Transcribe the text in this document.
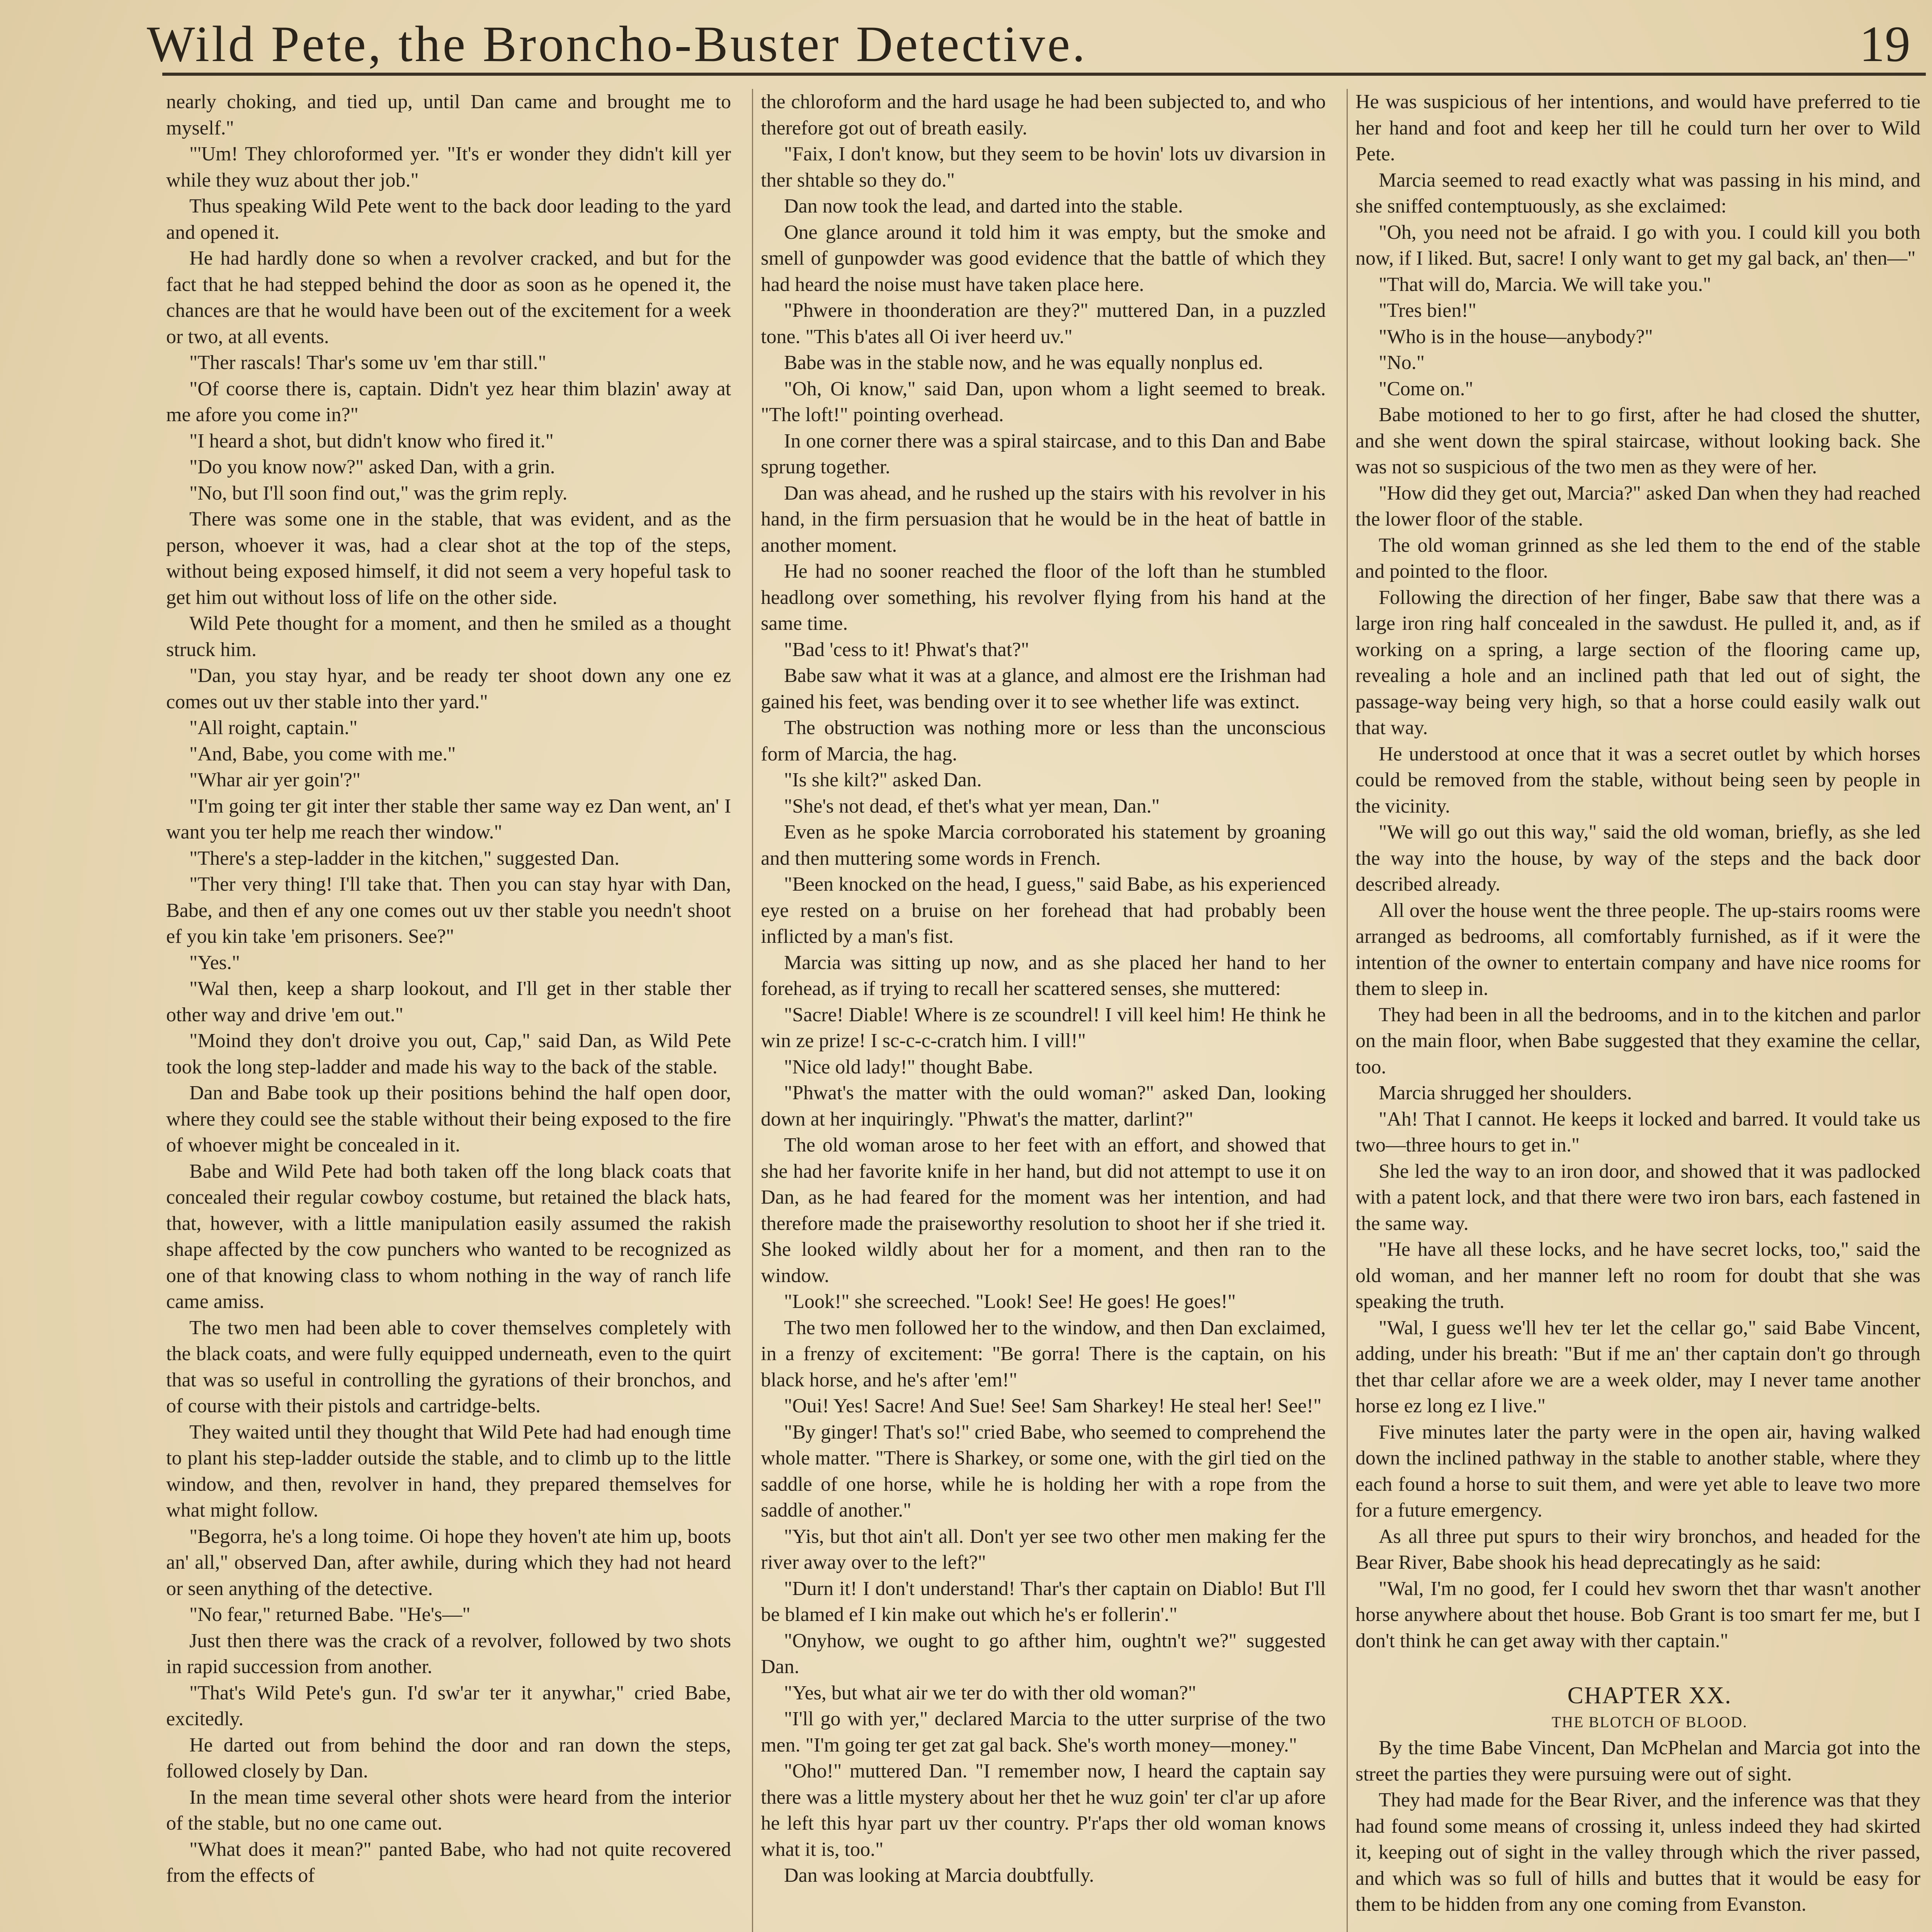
Wild Pete, the Broncho-Buster Detective.	19

nearly choking, and tied up, until Dan came and brought me to myself."

"'Um! They chloroformed yer. "It's er wonder they didn't kill yer while they wuz about ther job."

Thus speaking Wild Pete went to the back door leading to the yard and opened it.

He had hardly done so when a revolver cracked, and but for the fact that he had stepped behind the door as soon as he opened it, the chances are that he would have been out of the excitement for a week or two, at all events.

"Ther rascals! Thar's some uv 'em thar still."

"Of coorse there is, captain. Didn't yez hear thim blazin' away at me afore you come in?"

"I heard a shot, but didn't know who fired it."

"Do you know now?" asked Dan, with a grin.

"No, but I'll soon find out," was the grim reply.

There was some one in the stable, that was evident, and as the person, whoever it was, had a clear shot at the top of the steps, without being exposed himself, it did not seem a very hopeful task to get him out without loss of life on the other side.

Wild Pete thought for a moment, and then he smiled as a thought struck him.

"Dan, you stay hyar, and be ready ter shoot down any one ez comes out uv ther stable into ther yard."

"All roight, captain."

"And, Babe, you come with me."

"Whar air yer goin'?"

"I'm going ter git inter ther stable ther same way ez Dan went, an' I want you ter help me reach ther window."

"There's a step-ladder in the kitchen," suggested Dan.

"Ther very thing! I'll take that. Then you can stay hyar with Dan, Babe, and then ef any one comes out uv ther stable you needn't shoot ef you kin take 'em prisoners. See?"

"Yes."

"Wal then, keep a sharp lookout, and I'll get in ther stable ther other way and drive 'em out."

"Moind they don't droive you out, Cap," said Dan, as Wild Pete took the long step-ladder and made his way to the back of the stable.

Dan and Babe took up their positions behind the half open door, where they could see the stable without their being exposed to the fire of whoever might be concealed in it.

Babe and Wild Pete had both taken off the long black coats that concealed their regular cowboy costume, but retained the black hats, that, however, with a little manipulation easily assumed the rakish shape affected by the cow punchers who wanted to be recognized as one of that knowing class to whom nothing in the way of ranch life came amiss.

The two men had been able to cover themselves completely with the black coats, and were fully equipped underneath, even to the quirt that was so useful in controlling the gyrations of their bronchos, and of course with their pistols and cartridge-belts.

They waited until they thought that Wild Pete had had enough time to plant his step-ladder outside the stable, and to climb up to the little window, and then, revolver in hand, they prepared themselves for what might follow.

"Begorra, he's a long toime. Oi hope they hoven't ate him up, boots an' all," observed Dan, after awhile, during which they had not heard or seen anything of the detective.

"No fear," returned Babe. "He's—"

Just then there was the crack of a revolver, followed by two shots in rapid succession from another.

"That's Wild Pete's gun. I'd sw'ar ter it anywhar," cried Babe, excitedly.

He darted out from behind the door and ran down the steps, followed closely by Dan.

In the mean time several other shots were heard from the interior of the stable, but no one came out.

"What does it mean?" panted Babe, who had not quite recovered from the effects of

the chloroform and the hard usage he had been subjected to, and who therefore got out of breath easily.

"Faix, I don't know, but they seem to be hovin' lots uv divarsion in ther shtable so they do."

Dan now took the lead, and darted into the stable.

One glance around it told him it was empty, but the smoke and smell of gunpowder was good evidence that the battle of which they had heard the noise must have taken place here.

"Phwere in thoonderation are they?" muttered Dan, in a puzzled tone. "This b'ates all Oi iver heerd uv."

Babe was in the stable now, and he was equally nonplus ed.

"Oh, Oi know," said Dan, upon whom a light seemed to break. "The loft!" pointing overhead.

In one corner there was a spiral staircase, and to this Dan and Babe sprung together.

Dan was ahead, and he rushed up the stairs with his revolver in his hand, in the firm persuasion that he would be in the heat of battle in another moment.

He had no sooner reached the floor of the loft than he stumbled headlong over something, his revolver flying from his hand at the same time.

"Bad 'cess to it! Phwat's that?"

Babe saw what it was at a glance, and almost ere the Irishman had gained his feet, was bending over it to see whether life was extinct.

The obstruction was nothing more or less than the unconscious form of Marcia, the hag.

"Is she kilt?" asked Dan.

"She's not dead, ef thet's what yer mean, Dan."

Even as he spoke Marcia corroborated his statement by groaning and then muttering some words in French.

"Been knocked on the head, I guess," said Babe, as his experienced eye rested on a bruise on her forehead that had probably been inflicted by a man's fist.

Marcia was sitting up now, and as she placed her hand to her forehead, as if trying to recall her scattered senses, she muttered:

"Sacre! Diable! Where is ze scoundrel! I vill keel him! He think he win ze prize! I sc-c-c-cratch him. I vill!"

"Nice old lady!" thought Babe.

"Phwat's the matter with the ould woman?" asked Dan, looking down at her inquiringly. "Phwat's the matter, darlint?"

The old woman arose to her feet with an effort, and showed that she had her favorite knife in her hand, but did not attempt to use it on Dan, as he had feared for the moment was her intention, and had therefore made the praiseworthy resolution to shoot her if she tried it. She looked wildly about her for a moment, and then ran to the window.

"Look!" she screeched. "Look! See! He goes! He goes!"

The two men followed her to the window, and then Dan exclaimed, in a frenzy of excitement: "Be gorra! There is the captain, on his black horse, and he's after 'em!"

"Oui! Yes! Sacre! And Sue! See! Sam Sharkey! He steal her! See!"

"By ginger! That's so!" cried Babe, who seemed to comprehend the whole matter. "There is Sharkey, or some one, with the girl tied on the saddle of one horse, while he is holding her with a rope from the saddle of another."

"Yis, but thot ain't all. Don't yer see two other men making fer the river away over to the left?"

"Durn it! I don't understand! Thar's ther captain on Diablo! But I'll be blamed ef I kin make out which he's er follerin'."

"Onyhow, we ought to go afther him, oughtn't we?" suggested Dan.

"Yes, but what air we ter do with ther old woman?"

"I'll go with yer," declared Marcia to the utter surprise of the two men. "I'm going ter get zat gal back. She's worth money—money."

"Oho!" muttered Dan. "I remember now, I heard the captain say there was a little mystery about her thet he wuz goin' ter cl'ar up afore he left this hyar part uv ther country. P'r'aps ther old woman knows what it is, too."

Dan was looking at Marcia doubtfully.

He was suspicious of her intentions, and would have preferred to tie her hand and foot and keep her till he could turn her over to Wild Pete.

Marcia seemed to read exactly what was passing in his mind, and she sniffed contemptuously, as she exclaimed:

"Oh, you need not be afraid. I go with you. I could kill you both now, if I liked. But, sacre! I only want to get my gal back, an' then—"

"That will do, Marcia. We will take you."

"Tres bien!"

"Who is in the house—anybody?"

"No."

"Come on."

Babe motioned to her to go first, after he had closed the shutter, and she went down the spiral staircase, without looking back. She was not so suspicious of the two men as they were of her.

"How did they get out, Marcia?" asked Dan when they had reached the lower floor of the stable.

The old woman grinned as she led them to the end of the stable and pointed to the floor.

Following the direction of her finger, Babe saw that there was a large iron ring half concealed in the sawdust. He pulled it, and, as if working on a spring, a large section of the flooring came up, revealing a hole and an inclined path that led out of sight, the passage-way being very high, so that a horse could easily walk out that way.

He understood at once that it was a secret outlet by which horses could be removed from the stable, without being seen by people in the vicinity.

"We will go out this way," said the old woman, briefly, as she led the way into the house, by way of the steps and the back door described already.

All over the house went the three people. The up-stairs rooms were arranged as bedrooms, all comfortably furnished, as if it were the intention of the owner to entertain company and have nice rooms for them to sleep in.

They had been in all the bedrooms, and in to the kitchen and parlor on the main floor, when Babe suggested that they examine the cellar, too.

Marcia shrugged her shoulders.

"Ah! That I cannot. He keeps it locked and barred. It vould take us two—three hours to get in."

She led the way to an iron door, and showed that it was padlocked with a patent lock, and that there were two iron bars, each fastened in the same way.

"He have all these locks, and he have secret locks, too," said the old woman, and her manner left no room for doubt that she was speaking the truth.

"Wal, I guess we'll hev ter let the cellar go," said Babe Vincent, adding, under his breath: "But if me an' ther captain don't go through thet thar cellar afore we are a week older, may I never tame another horse ez long ez I live."

Five minutes later the party were in the open air, having walked down the inclined pathway in the stable to another stable, where they each found a horse to suit them, and were yet able to leave two more for a future emergency.

As all three put spurs to their wiry bronchos, and headed for the Bear River, Babe shook his head deprecatingly as he said:

"Wal, I'm no good, fer I could hev sworn thet thar wasn't another horse anywhere about thet house. Bob Grant is too smart fer me, but I don't think he can get away with ther captain."

CHAPTER XX.

THE BLOTCH OF BLOOD.

By the time Babe Vincent, Dan McPhelan and Marcia got into the street the parties they were pursuing were out of sight.

They had made for the Bear River, and the inference was that they had found some means of crossing it, unless indeed they had skirted it, keeping out of sight in the valley through which the river passed, and which was so full of hills and buttes that it would be easy for them to be hidden from any one coming from Evanston.
